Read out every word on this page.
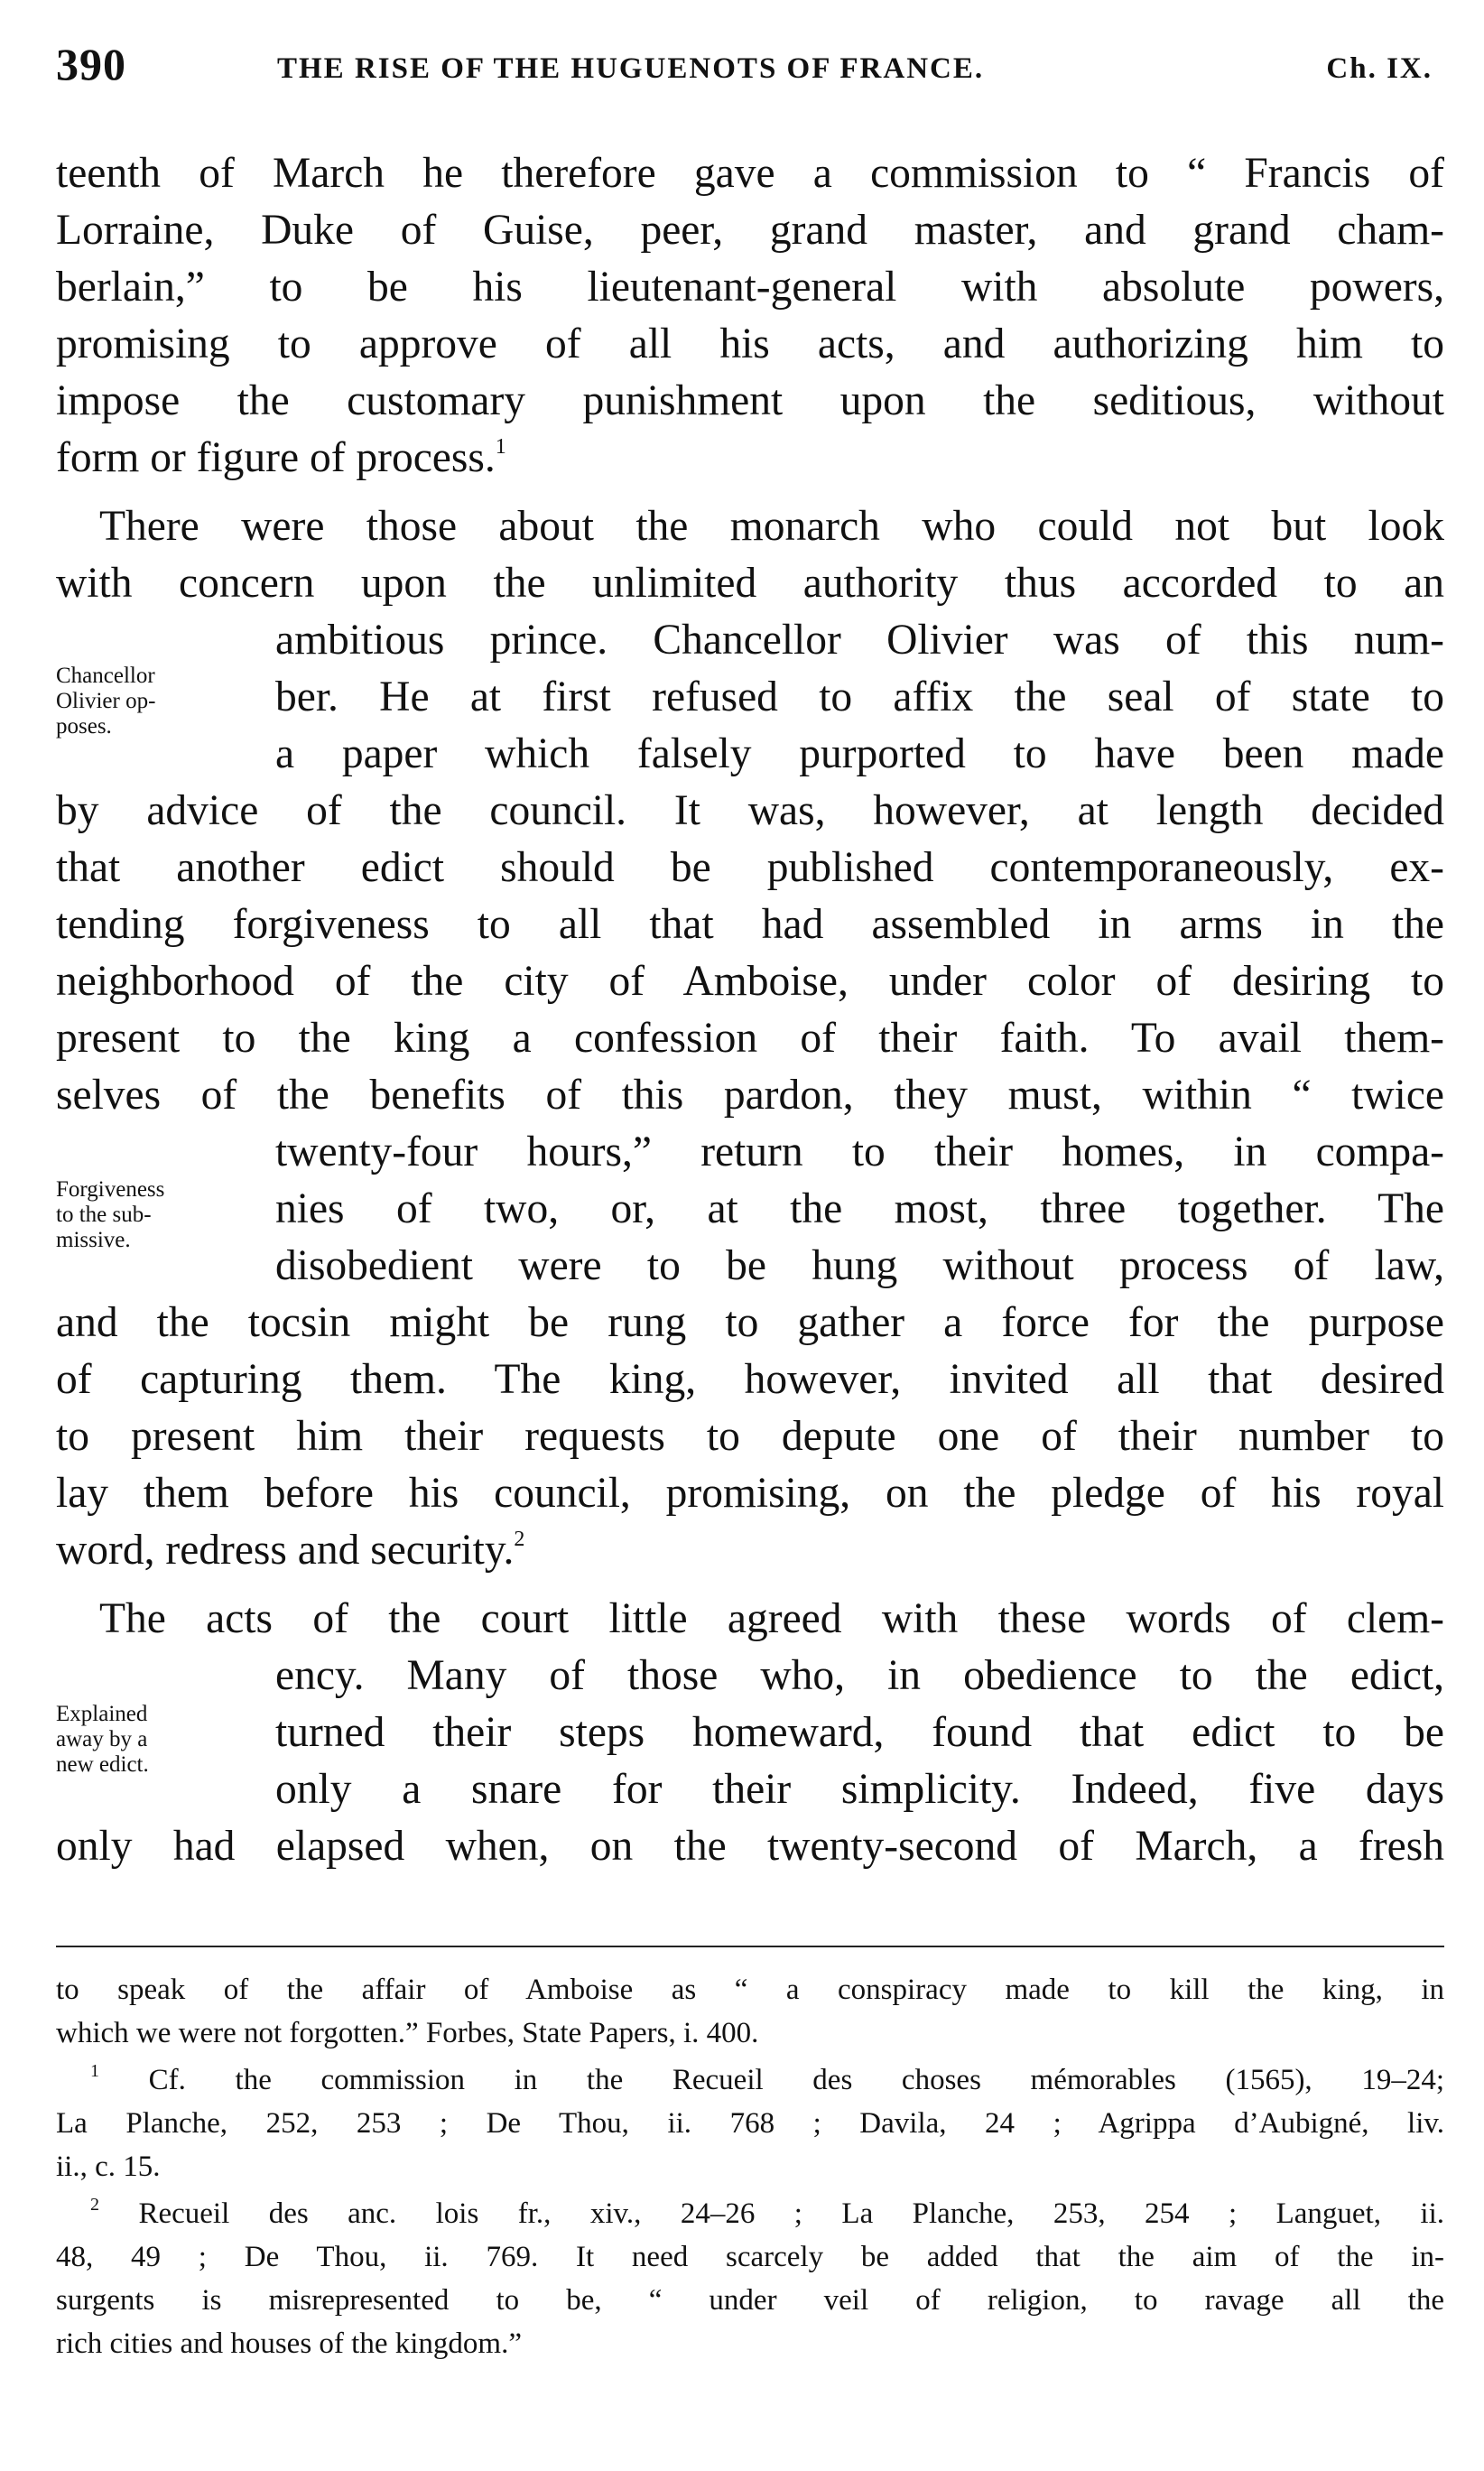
390	THE RISE OF THE HUGUENOTS OF FRANCE.	Ch. IX.
teenth of March he therefore gave a commission to “ Francis of
Lorraine, Duke of Guise, peer, grand master, and grand cham-
berlain,” to be his lieutenant-general with absolute powers,
promising to approve of all his acts, and authorizing him to
impose the customary punishment upon the seditious, without
form or figure of process.$^1$
There were those about the monarch who could not but look
with concern upon the unlimited authority thus accorded to an
ambitious prince. Chancellor Olivier was of this num-
ber. He at first refused to affix the seal of state to
a paper which falsely purported to have been made
by advice of the council. It was, however, at length decided
that another edict should be published contemporaneously, ex-
tending forgiveness to all that had assembled in arms in the
neighborhood of the city of Amboise, under color of desiring to
present to the king a confession of their faith. To avail them-
selves of the benefits of this pardon, they must, within “ twice
twenty-four hours,” return to their homes, in compa-
nies of two, or, at the most, three together. The
disobedient were to be hung without process of law,
and the tocsin might be rung to gather a force for the purpose
of capturing them. The king, however, invited all that desired
to present him their requests to depute one of their number to
lay them before his council, promising, on the pledge of his royal
word, redress and security.$^2$
The acts of the court little agreed with these words of clem-
ency. Many of those who, in obedience to the edict,
turned their steps homeward, found that edict to be
only a snare for their simplicity. Indeed, five days
only had elapsed when, on the twenty-second of March, a fresh
Chancellor
Olivier op-
poses.
Forgiveness
to the sub-
missive.
Explained
away by a
new edict.
to speak of the affair of Amboise as “ a conspiracy made to kill the king, in
which we were not forgotten.” Forbes, State Papers, i. 400.
$^1$ Cf. the commission in the Recueil des choses mémorables (1565), 19–24;
La Planche, 252, 253 ; De Thou, ii. 768 ; Davila, 24 ; Agrippa d’Aubigné, liv.
ii., c. 15.
$^2$ Recueil des anc. lois fr., xiv., 24–26 ; La Planche, 253, 254 ; Languet, ii.
48, 49 ; De Thou, ii. 769. It need scarcely be added that the aim of the in-
surgents is misrepresented to be, “ under veil of religion, to ravage all the
rich cities and houses of the kingdom.”
